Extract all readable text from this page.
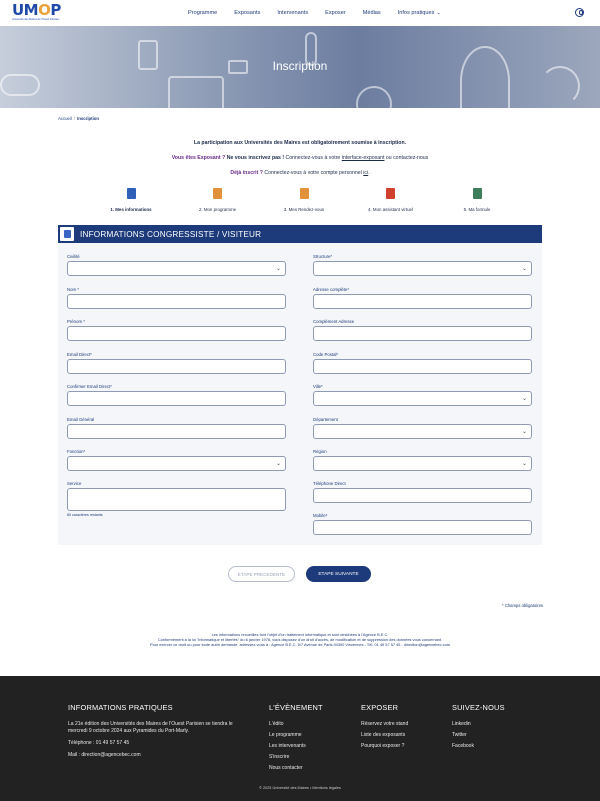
UMOP
Université des Maires de l'Ouest Parisien
Programme	Exposants	Intervenants	Exposer	Médias	Infos pratiques ⌄
Inscription
Accueil / Inscription

La participation aux Universités des Maires est obligatoirement soumise à inscription.

Vous êtes Exposant ? Ne vous inscrivez pas ! Connectez-vous à votre interface-exposant ou contactez-nous

Déjà inscrit ? Connectez-vous à votre compte personnel ici.

1. Mes informations	2. Mon programme	3. Mes Rendez-vous	4. Mon assistant virtuel	5. Ma formule
INFORMATIONS CONGRESSISTE / VISITEUR
Civilité
⌄
Nom *
Prénom *
Email Direct*
Confirmer Email Direct*
Email Général
Fonction*
⌄
Service
80 caractères restants
Structure*
⌄
Adresse complète*
Complément Adresse
Code Postal*
Ville*
⌄
Département
⌄
Région
⌄
Téléphone Direct
Mobile*
ETAPE PRECEDENTE	ETAPE SUIVANTE
* Champs obligatoires
Les informations recueillies font l'objet d'un traitement informatique et sont destinées à l'Agence B.E.C.
Conformément à la loi "informatique et libertés" du 6 janvier 1978, vous disposez d'un droit d'accès, de modification et de suppression des données vous concernant.
Pour exercer ce droit ou pour toute autre demande, adressez-vous à : Agence B.E.C. 5/7 Avenue de Paris 94300 Vincennes - Tél. 01 49 57 57 45 - direction@agencebec.com
INFORMATIONS PRATIQUES
La 21e édition des Universités des Maires de l'Ouest Parisien se tiendra le mercredi 9 octobre 2024 aux Pyramides du Port-Marly.
Téléphone : 01 49 57 57 45
Mail : direction@agencebec.com
L'ÉVÈNEMENT
L'édito
Le programme
Les intervenants
S'inscrire
Nous contacter
EXPOSER
Réservez votre stand
Liste des exposants
Pourquoi exposer ?
SUIVEZ-NOUS
Linkedin
Twitter
Facebook
© 2025 Université des Maires • Mentions légales
